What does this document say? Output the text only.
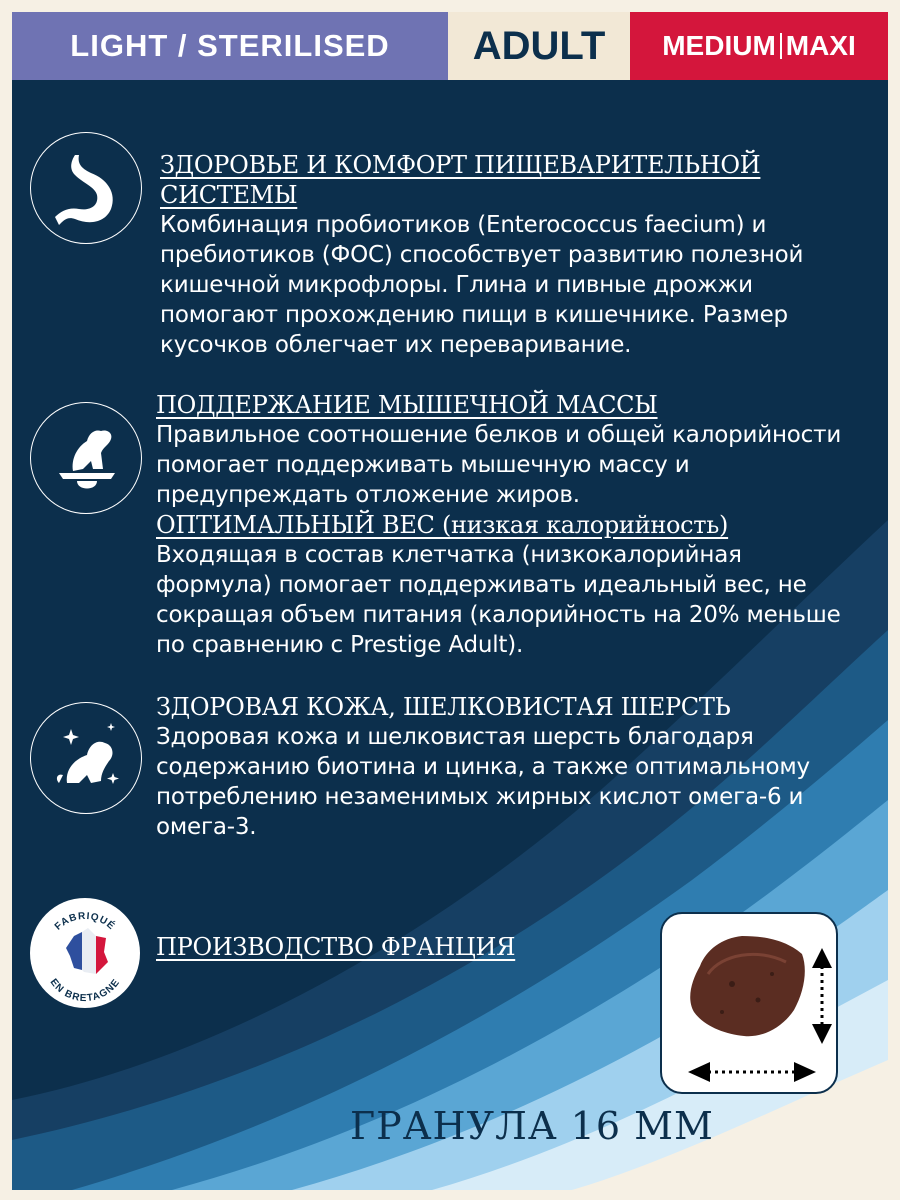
LIGHT / STERILISED ADULT MEDIUM MAXI
ЗДОРОВЬЕ И КОМФОРТ ПИЩЕВАРИТЕЛЬНОЙ СИСТЕМЫ
Комбинация пробиотиков (Enterococcus faecium) и пребиотиков (ФОС) способствует развитию полезной кишечной микрофлоры. Глина и пивные дрожжи помогают прохождению пищи в кишечнике. Размер кусочков облегчает их переваривание.
ПОДДЕРЖАНИЕ МЫШЕЧНОЙ МАССЫ
Правильное соотношение белков и общей калорийности помогает поддерживать мышечную массу и предупреждать отложение жиров.
ОПТИМАЛЬНЫЙ ВЕС (низкая калорийность)
Входящая в состав клетчатка (низкокалорийная формула) помогает поддерживать идеальный вес, не сокращая объем питания (калорийность на 20% меньше по сравнению с Prestige Adult).
ЗДОРОВАЯ КОЖА, ШЕЛКОВИСТАЯ ШЕРСТЬ
Здоровая кожа и шелковистая шерсть благодаря содержанию биотина и цинка, а также оптимальному потреблению незаменимых жирных кислот омега-6 и омега-3.
FABRIQUÉ
EN BRETAGNE
ПРОИЗВОДСТВО ФРАНЦИЯ
ГРАНУЛА 16 ММ
